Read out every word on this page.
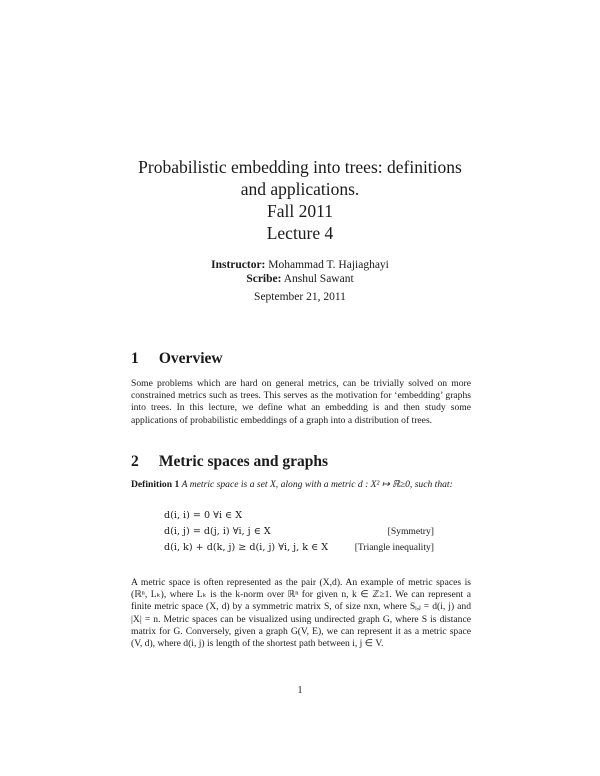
Probabilistic embedding into trees: definitions
and applications.
Fall 2011
Lecture 4
Instructor: Mohammad T. Hajiaghayi
Scribe: Anshul Sawant
September 21, 2011
1 Overview
Some problems which are hard on general metrics, can be trivially solved on more constrained metrics such as trees. This serves as the motivation for ‘embedding’ graphs into trees. In this lecture, we define what an embedding is and then study some applications of probabilistic embeddings of a graph into a distribution of trees.
2 Metric spaces and graphs
Definition 1 A metric space is a set X, along with a metric d : X² ↦ ℝ≥0, such that:
d(i, i) = 0 ∀i ∈ X
d(i, j) = d(j, i) ∀i, j ∈ X	[Symmetry]
d(i, k) + d(k, j) ≥ d(i, j) ∀i, j, k ∈ X	[Triangle inequality]
A metric space is often represented as the pair (X,d). An example of metric spaces is (ℝⁿ, Lₖ), where Lₖ is the k-norm over ℝⁿ for given n, k ∈ ℤ≥1. We can represent a finite metric space (X, d) by a symmetric matrix S, of size nxn, where Sᵢ,ⱼ = d(i, j) and |X| = n. Metric spaces can be visualized using undirected graph G, where S is distance matrix for G. Conversely, given a graph G(V, E), we can represent it as a metric space (V, d), where d(i, j) is length of the shortest path between i, j ∈ V.
1
